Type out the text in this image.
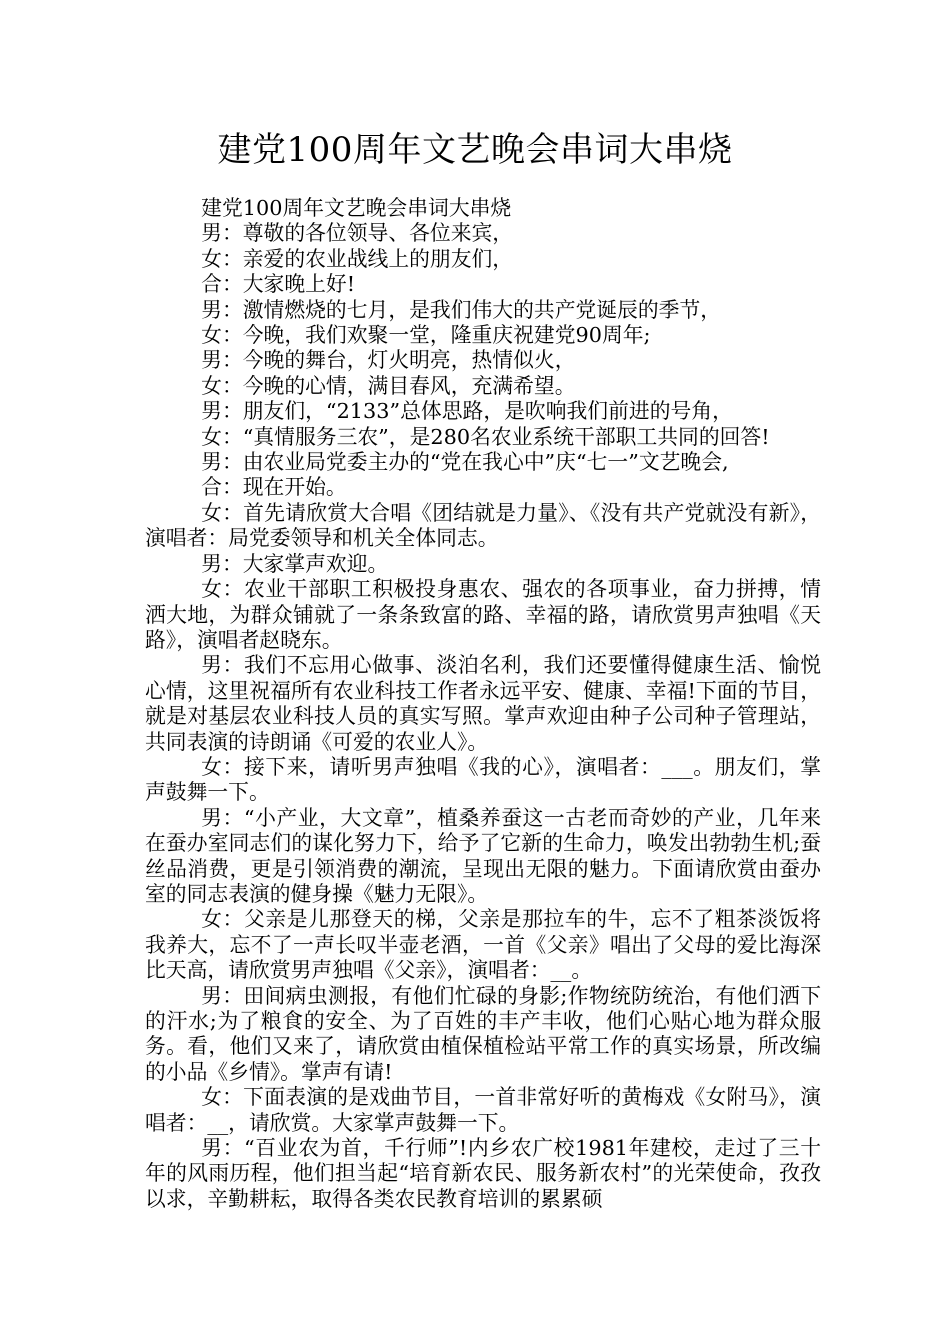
建党100周年文艺晚会串词大串烧

建党100周年文艺晚会串词大串烧

男：尊敬的各位领导、各位来宾，

女：亲爱的农业战线上的朋友们，

合：大家晚上好!

男：激情燃烧的七月，是我们伟大的共产党诞辰的季节，

女：今晚，我们欢聚一堂，隆重庆祝建党90周年;

男：今晚的舞台，灯火明亮，热情似火，

女：今晚的心情，满目春风，充满希望。

男：朋友们，“2133”总体思路，是吹响我们前进的号角，

女：“真情服务三农”，是280名农业系统干部职工共同的回答!

男：由农业局党委主办的“党在我心中”庆“七一”文艺晚会,

合：现在开始。

女：首先请欣赏大合唱《团结就是力量》、《没有共产党就没有新》，演唱者：局党委领导和机关全体同志。

男：大家掌声欢迎。

女：农业干部职工积极投身惠农、强农的各项事业，奋力拼搏，情洒大地，为群众铺就了一条条致富的路、幸福的路，请欣赏男声独唱《天路》，演唱者赵晓东。

男：我们不忘用心做事、淡泊名利，我们还要懂得健康生活、愉悦心情，这里祝福所有农业科技工作者永远平安、健康、幸福!下面的节目，就是对基层农业科技人员的真实写照。掌声欢迎由种子公司种子管理站，共同表演的诗朗诵《可爱的农业人》。

女：接下来，请听男声独唱《我的心》，演唱者：___。朋友们，掌声鼓舞一下。

男：“小产业，大文章”，植桑养蚕这一古老而奇妙的产业，几年来在蚕办室同志们的谋化努力下，给予了它新的生命力，唤发出勃勃生机;蚕丝品消费，更是引领消费的潮流，呈现出无限的魅力。下面请欣赏由蚕办室的同志表演的健身操《魅力无限》。

女：父亲是儿那登天的梯，父亲是那拉车的牛，忘不了粗茶淡饭将我养大，忘不了一声长叹半壶老酒，一首《父亲》唱出了父母的爱比海深比天高，请欣赏男声独唱《父亲》，演唱者：__。

男：田间病虫测报，有他们忙碌的身影;作物统防统治，有他们洒下的汗水;为了粮食的安全、为了百姓的丰产丰收，他们心贴心地为群众服务。看，他们又来了，请欣赏由植保植检站平常工作的真实场景，所改编的小品《乡情》。掌声有请!

女：下面表演的是戏曲节目，一首非常好听的黄梅戏《女附马》，演唱者：__，请欣赏。大家掌声鼓舞一下。

男：“百业农为首，千行师”!内乡农广校1981年建校，走过了三十年的风雨历程，他们担当起“培育新农民、服务新农村”的光荣使命，孜孜以求，辛勤耕耘，取得各类农民教育培训的累累硕
